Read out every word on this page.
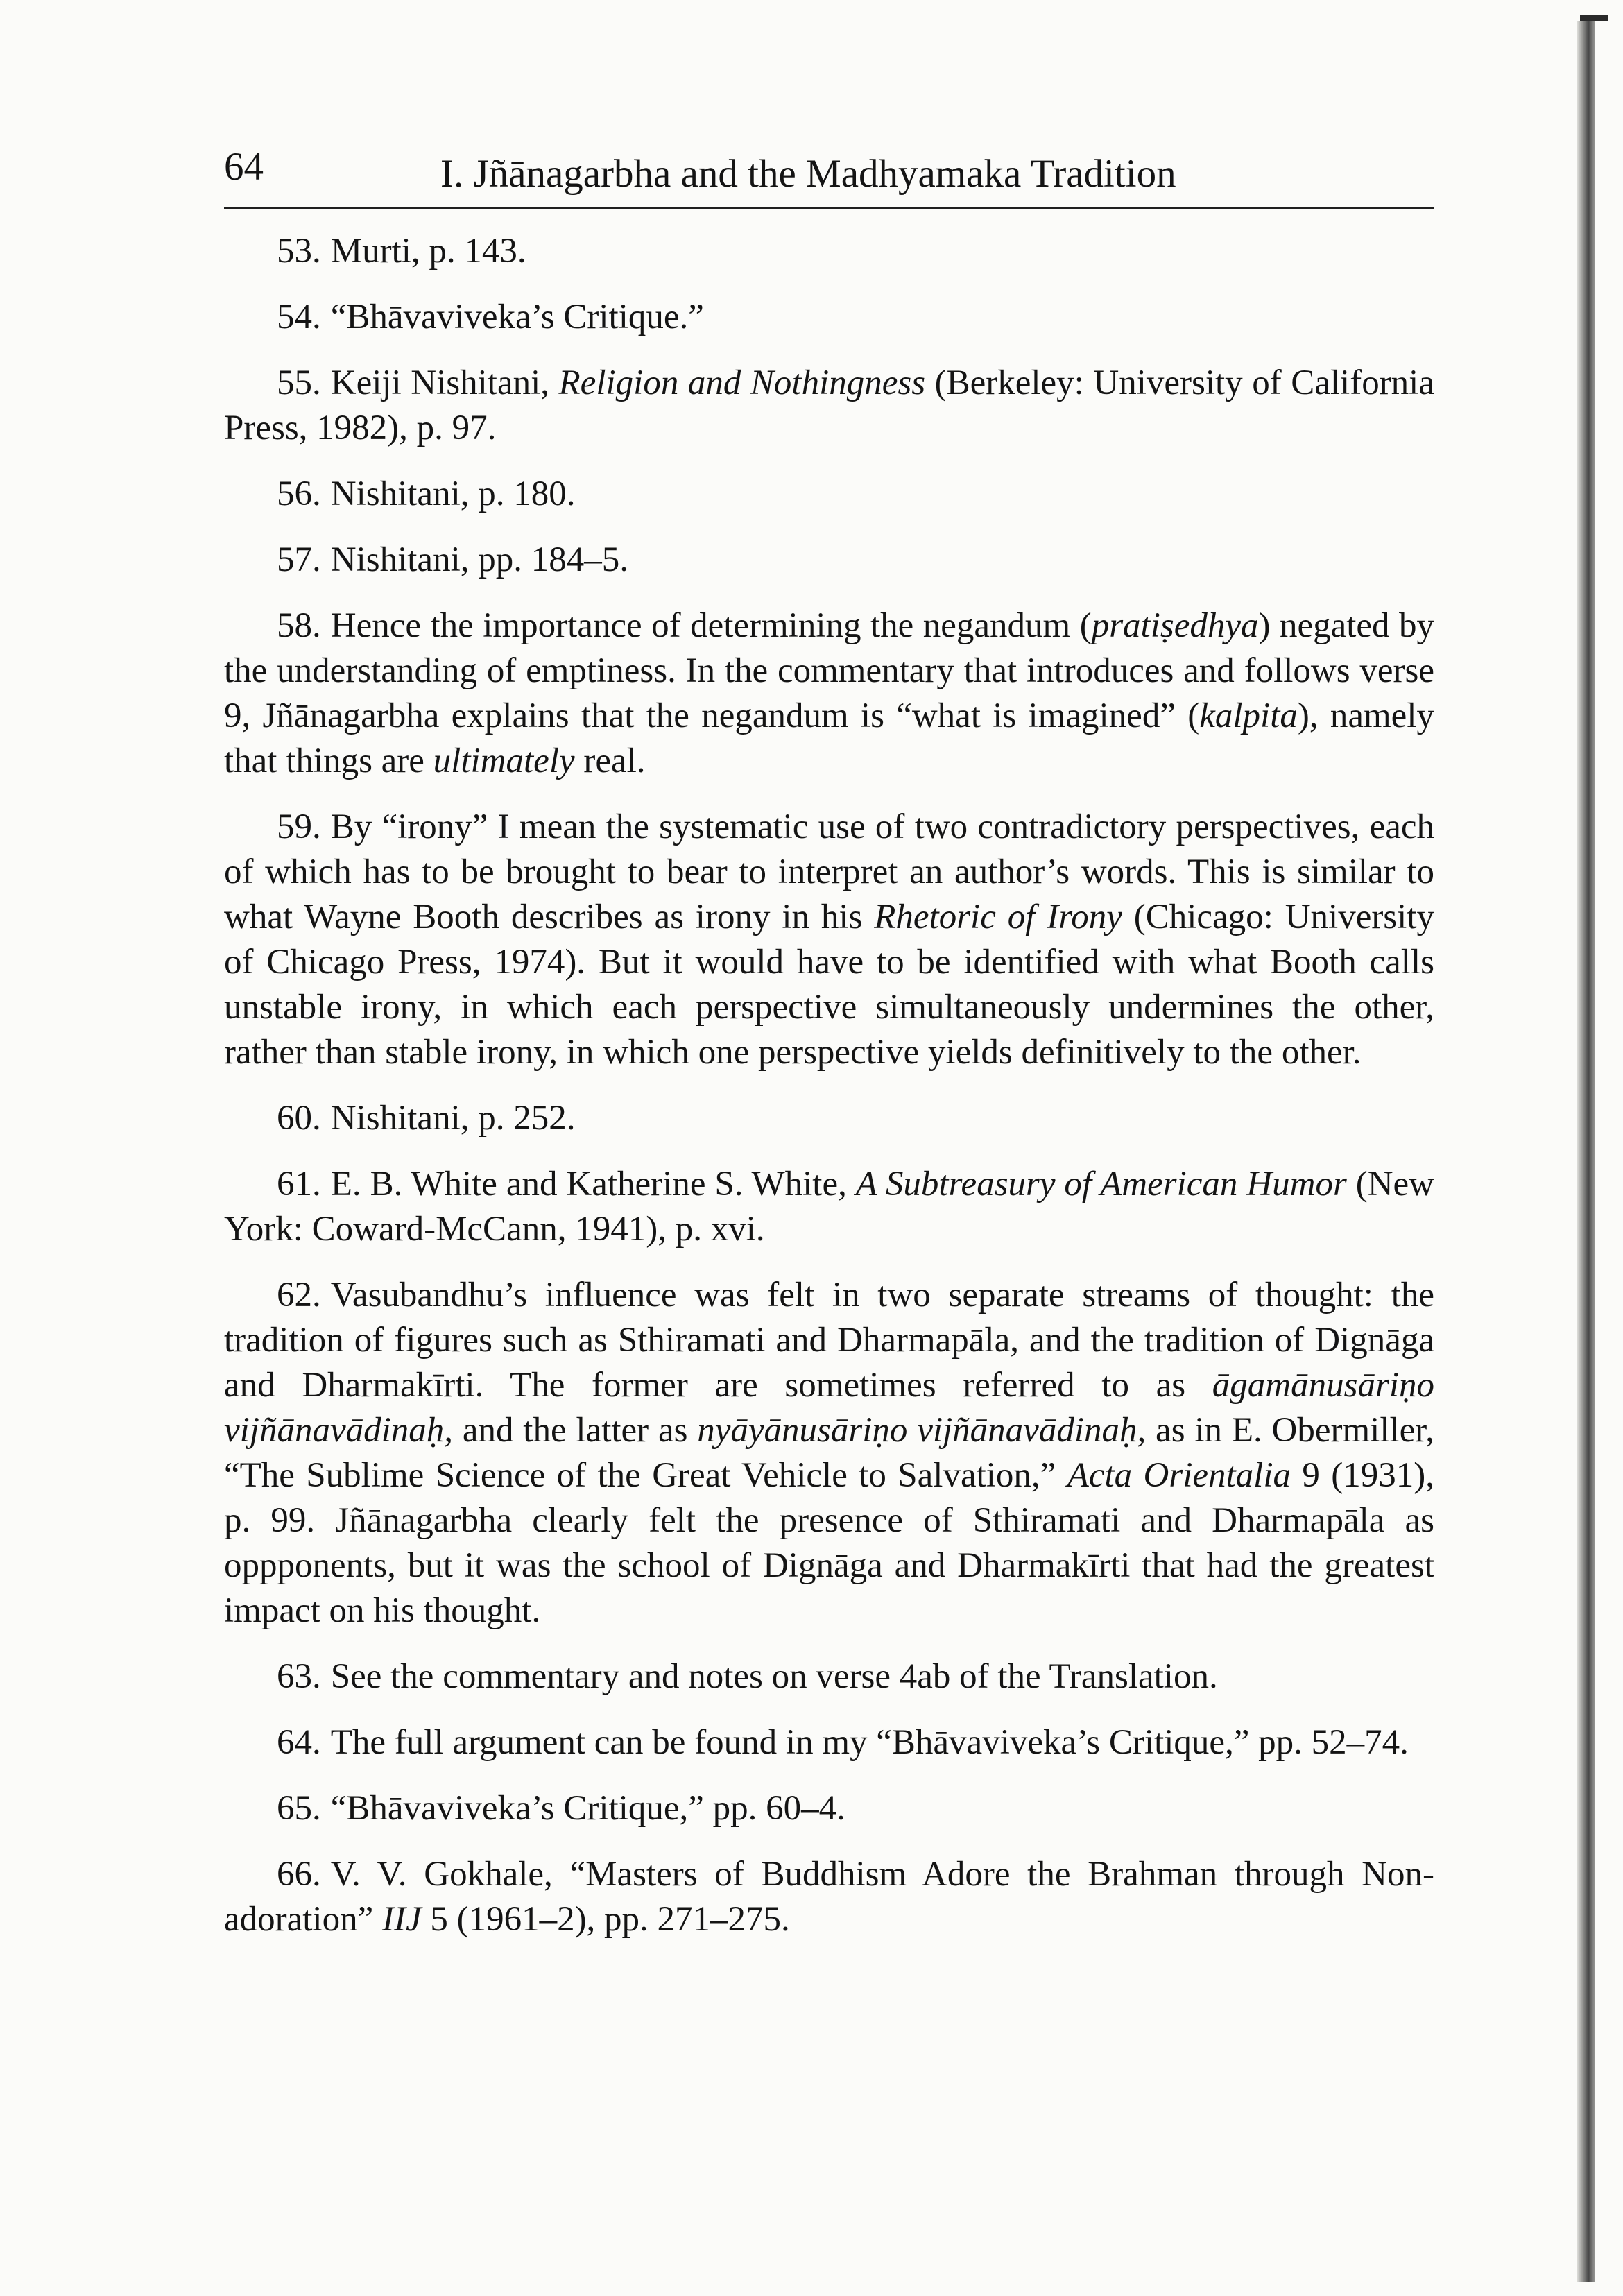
64	I. Jñānagarbha and the Madhyamaka Tradition

53. Murti, p. 143.

54. “Bhāvaviveka’s Critique.”

55. Keiji Nishitani, Religion and Nothingness (Berkeley: University of California Press, 1982), p. 97.

56. Nishitani, p. 180.

57. Nishitani, pp. 184–5.

58. Hence the importance of determining the negandum (pratiṣedhya) negated by the understanding of emptiness. In the commentary that introduces and follows verse 9, Jñānagarbha explains that the negandum is “what is imagined” (kalpita), namely that things are ultimately real.

59. By “irony” I mean the systematic use of two contradictory perspectives, each of which has to be brought to bear to interpret an author’s words. This is similar to what Wayne Booth describes as irony in his Rhetoric of Irony (Chicago: University of Chicago Press, 1974). But it would have to be identified with what Booth calls unstable irony, in which each perspective simultaneously undermines the other, rather than stable irony, in which one perspective yields definitively to the other.

60. Nishitani, p. 252.

61. E. B. White and Katherine S. White, A Subtreasury of American Humor (New York: Coward-McCann, 1941), p. xvi.

62. Vasubandhu’s influence was felt in two separate streams of thought: the tradition of figures such as Sthiramati and Dharmapāla, and the tradition of Dignāga and Dharmakīrti. The former are sometimes referred to as āgamānusāriṇo vijñānavādinaḥ, and the latter as nyāyānusāriṇo vijñānavādinaḥ, as in E. Obermiller, “The Sublime Science of the Great Vehicle to Salvation,” Acta Orientalia 9 (1931), p. 99. Jñānagarbha clearly felt the presence of Sthiramati and Dharmapāla as oppponents, but it was the school of Dignāga and Dharmakīrti that had the greatest impact on his thought.

63. See the commentary and notes on verse 4ab of the Translation.

64. The full argument can be found in my “Bhāvaviveka’s Critique,” pp. 52–74.

65. “Bhāvaviveka’s Critique,” pp. 60–4.

66. V. V. Gokhale, “Masters of Buddhism Adore the Brahman through Non-adoration” IIJ 5 (1961–2), pp. 271–275.
